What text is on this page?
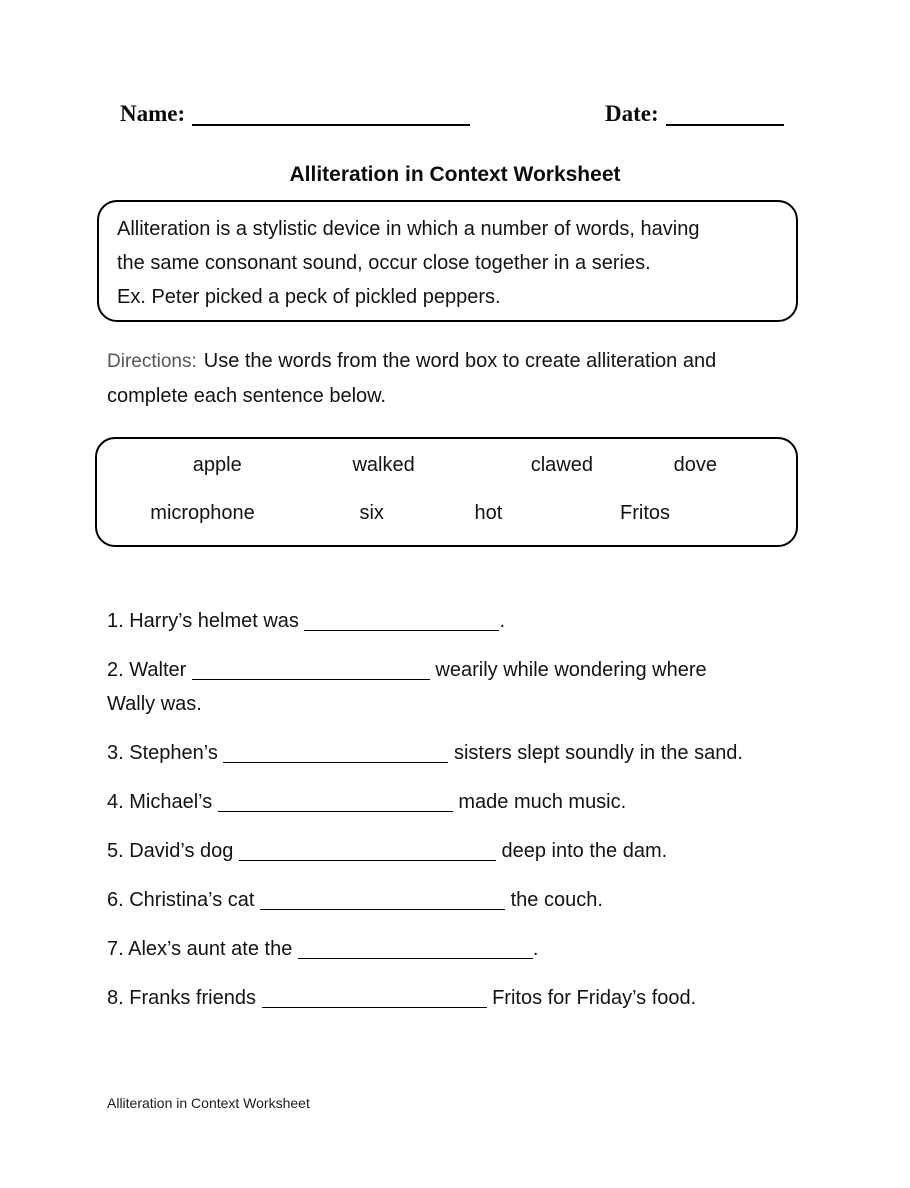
Name:	Date:
Alliteration in Context Worksheet
Alliteration is a stylistic device in which a number of words, having
the same consonant sound, occur close together in a series.
Ex. Peter picked a peck of pickled peppers.
Directions: Use the words from the word box to create alliteration and
complete each sentence below.
apple	walked	clawed	dove
microphone	six	hot	Fritos

1. Harry’s helmet was	.

2. Walter	wearily while wondering where
Wally was.

3. Stephen’s	sisters slept soundly in the sand.

4. Michael’s	made much music.

5. David’s dog	deep into the dam.

6. Christina’s cat	the couch.

7. Alex’s aunt ate the	.

8. Franks friends	Fritos for Friday’s food.

Alliteration in Context Worksheet
